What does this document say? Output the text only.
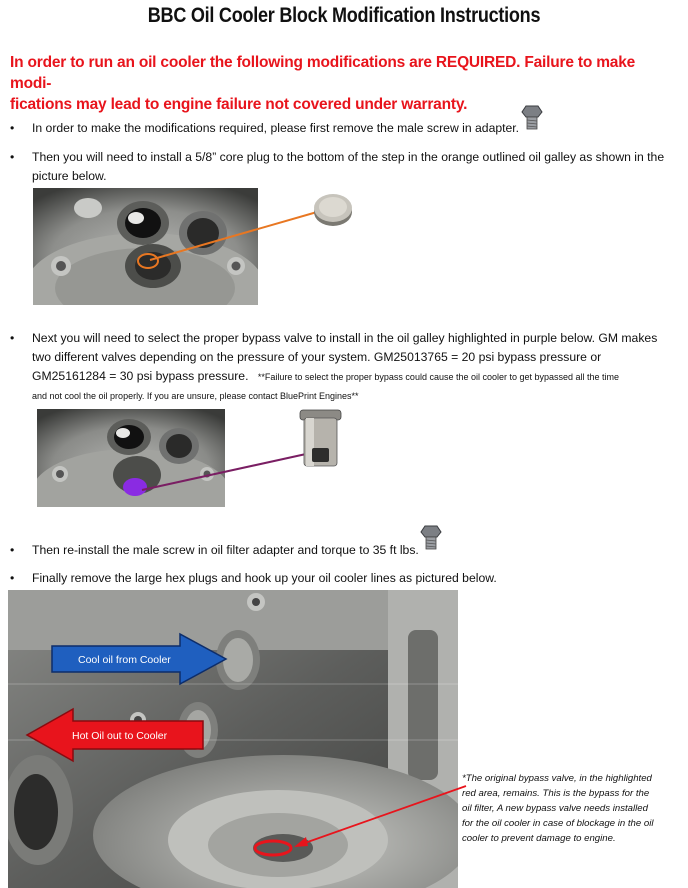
BBC Oil Cooler Block Modification Instructions
In order to run an oil cooler the following modifications are REQUIRED. Failure to make modi-
fications may lead to engine failure not covered under warranty.
• In order to make the modifications required, please first remove the male screw in adapter.
• Then you will need to install a 5/8” core plug to the bottom of the step in the orange outlined oil galley as shown in the
picture below.
• Next you will need to select the proper bypass valve to install in the oil galley highlighted in purple below. GM makes
two different valves depending on the pressure of your system. GM25013765 = 20 psi bypass pressure or
GM25161284 = 30 psi bypass pressure. **Failure to select the proper bypass could cause the oil cooler to get bypassed all the time
and not cool the oil properly. If you are unsure, please contact BluePrint Engines**
• Then re-install the male screw in oil filter adapter and torque to 35 ft lbs.
• Finally remove the large hex plugs and hook up your oil cooler lines as pictured below.
Cool oil from Cooler
Hot Oil out to Cooler
*The original bypass valve, in the highlighted
red area, remains. This is the bypass for the
oil filter, A new bypass valve needs installed
for the oil cooler in case of blockage in the oil
cooler to prevent damage to engine.
